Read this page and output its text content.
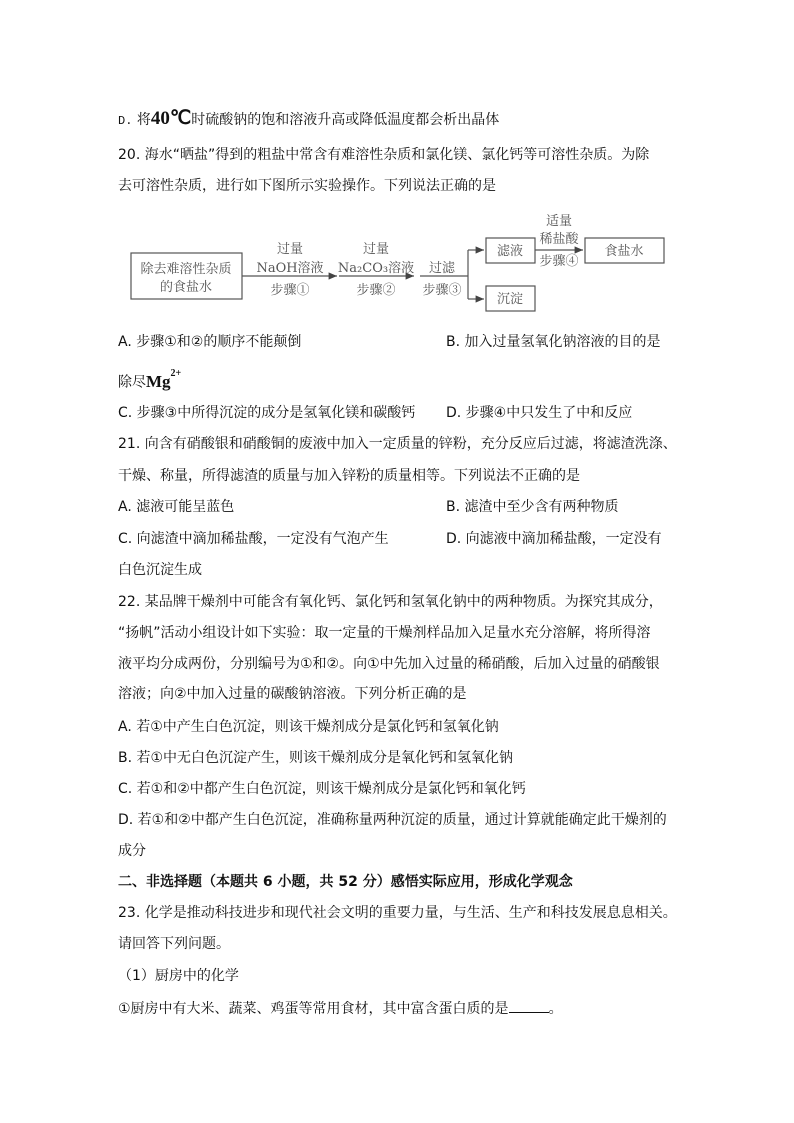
D. 将40℃时硫酸钠的饱和溶液升高或降低温度都会析出晶体
20. 海水“晒盐”得到的粗盐中常含有难溶性杂质和氯化镁、氯化钙等可溶性杂质。为除
去可溶性杂质，进行如下图所示实验操作。下列说法正确的是
除去难溶性杂质
的食盐水
过量
NaOH溶液
步骤①
过量
Na₂CO₃溶液
步骤②
过滤
步骤③
滤液
沉淀
适量
稀盐酸
步骤④
食盐水
A. 步骤①和②的顺序不能颠倒	B. 加入过量氢氧化钠溶液的目的是
除尽$Mg^{2+}$
C. 步骤③中所得沉淀的成分是氢氧化镁和碳酸钙 D. 步骤④中只发生了中和反应
21. 向含有硝酸银和硝酸铜的废液中加入一定质量的锌粉，充分反应后过滤，将滤渣洗涤、
干燥、称量，所得滤渣的质量与加入锌粉的质量相等。下列说法不正确的是
A. 滤液可能呈蓝色	B. 滤渣中至少含有两种物质
C. 向滤渣中滴加稀盐酸，一定没有气泡产生	D. 向滤液中滴加稀盐酸，一定没有
白色沉淀生成
22. 某品牌干燥剂中可能含有氧化钙、氯化钙和氢氧化钠中的两种物质。为探究其成分，
“扬帆”活动小组设计如下实验：取一定量的干燥剂样品加入足量水充分溶解，将所得溶
液平均分成两份，分别编号为①和②。向①中先加入过量的稀硝酸，后加入过量的硝酸银
溶液；向②中加入过量的碳酸钠溶液。下列分析正确的是
A. 若①中产生白色沉淀，则该干燥剂成分是氯化钙和氢氧化钠
B. 若①中无白色沉淀产生，则该干燥剂成分是氧化钙和氢氧化钠
C. 若①和②中都产生白色沉淀，则该干燥剂成分是氯化钙和氧化钙
D. 若①和②中都产生白色沉淀，准确称量两种沉淀的质量，通过计算就能确定此干燥剂的
成分
二、非选择题（本题共 6 小题，共 52 分）感悟实际应用，形成化学观念
23. 化学是推动科技进步和现代社会文明的重要力量，与生活、生产和科技发展息息相关。
请回答下列问题。
（1）厨房中的化学
①厨房中有大米、蔬菜、鸡蛋等常用食材，其中富含蛋白质的是	。
